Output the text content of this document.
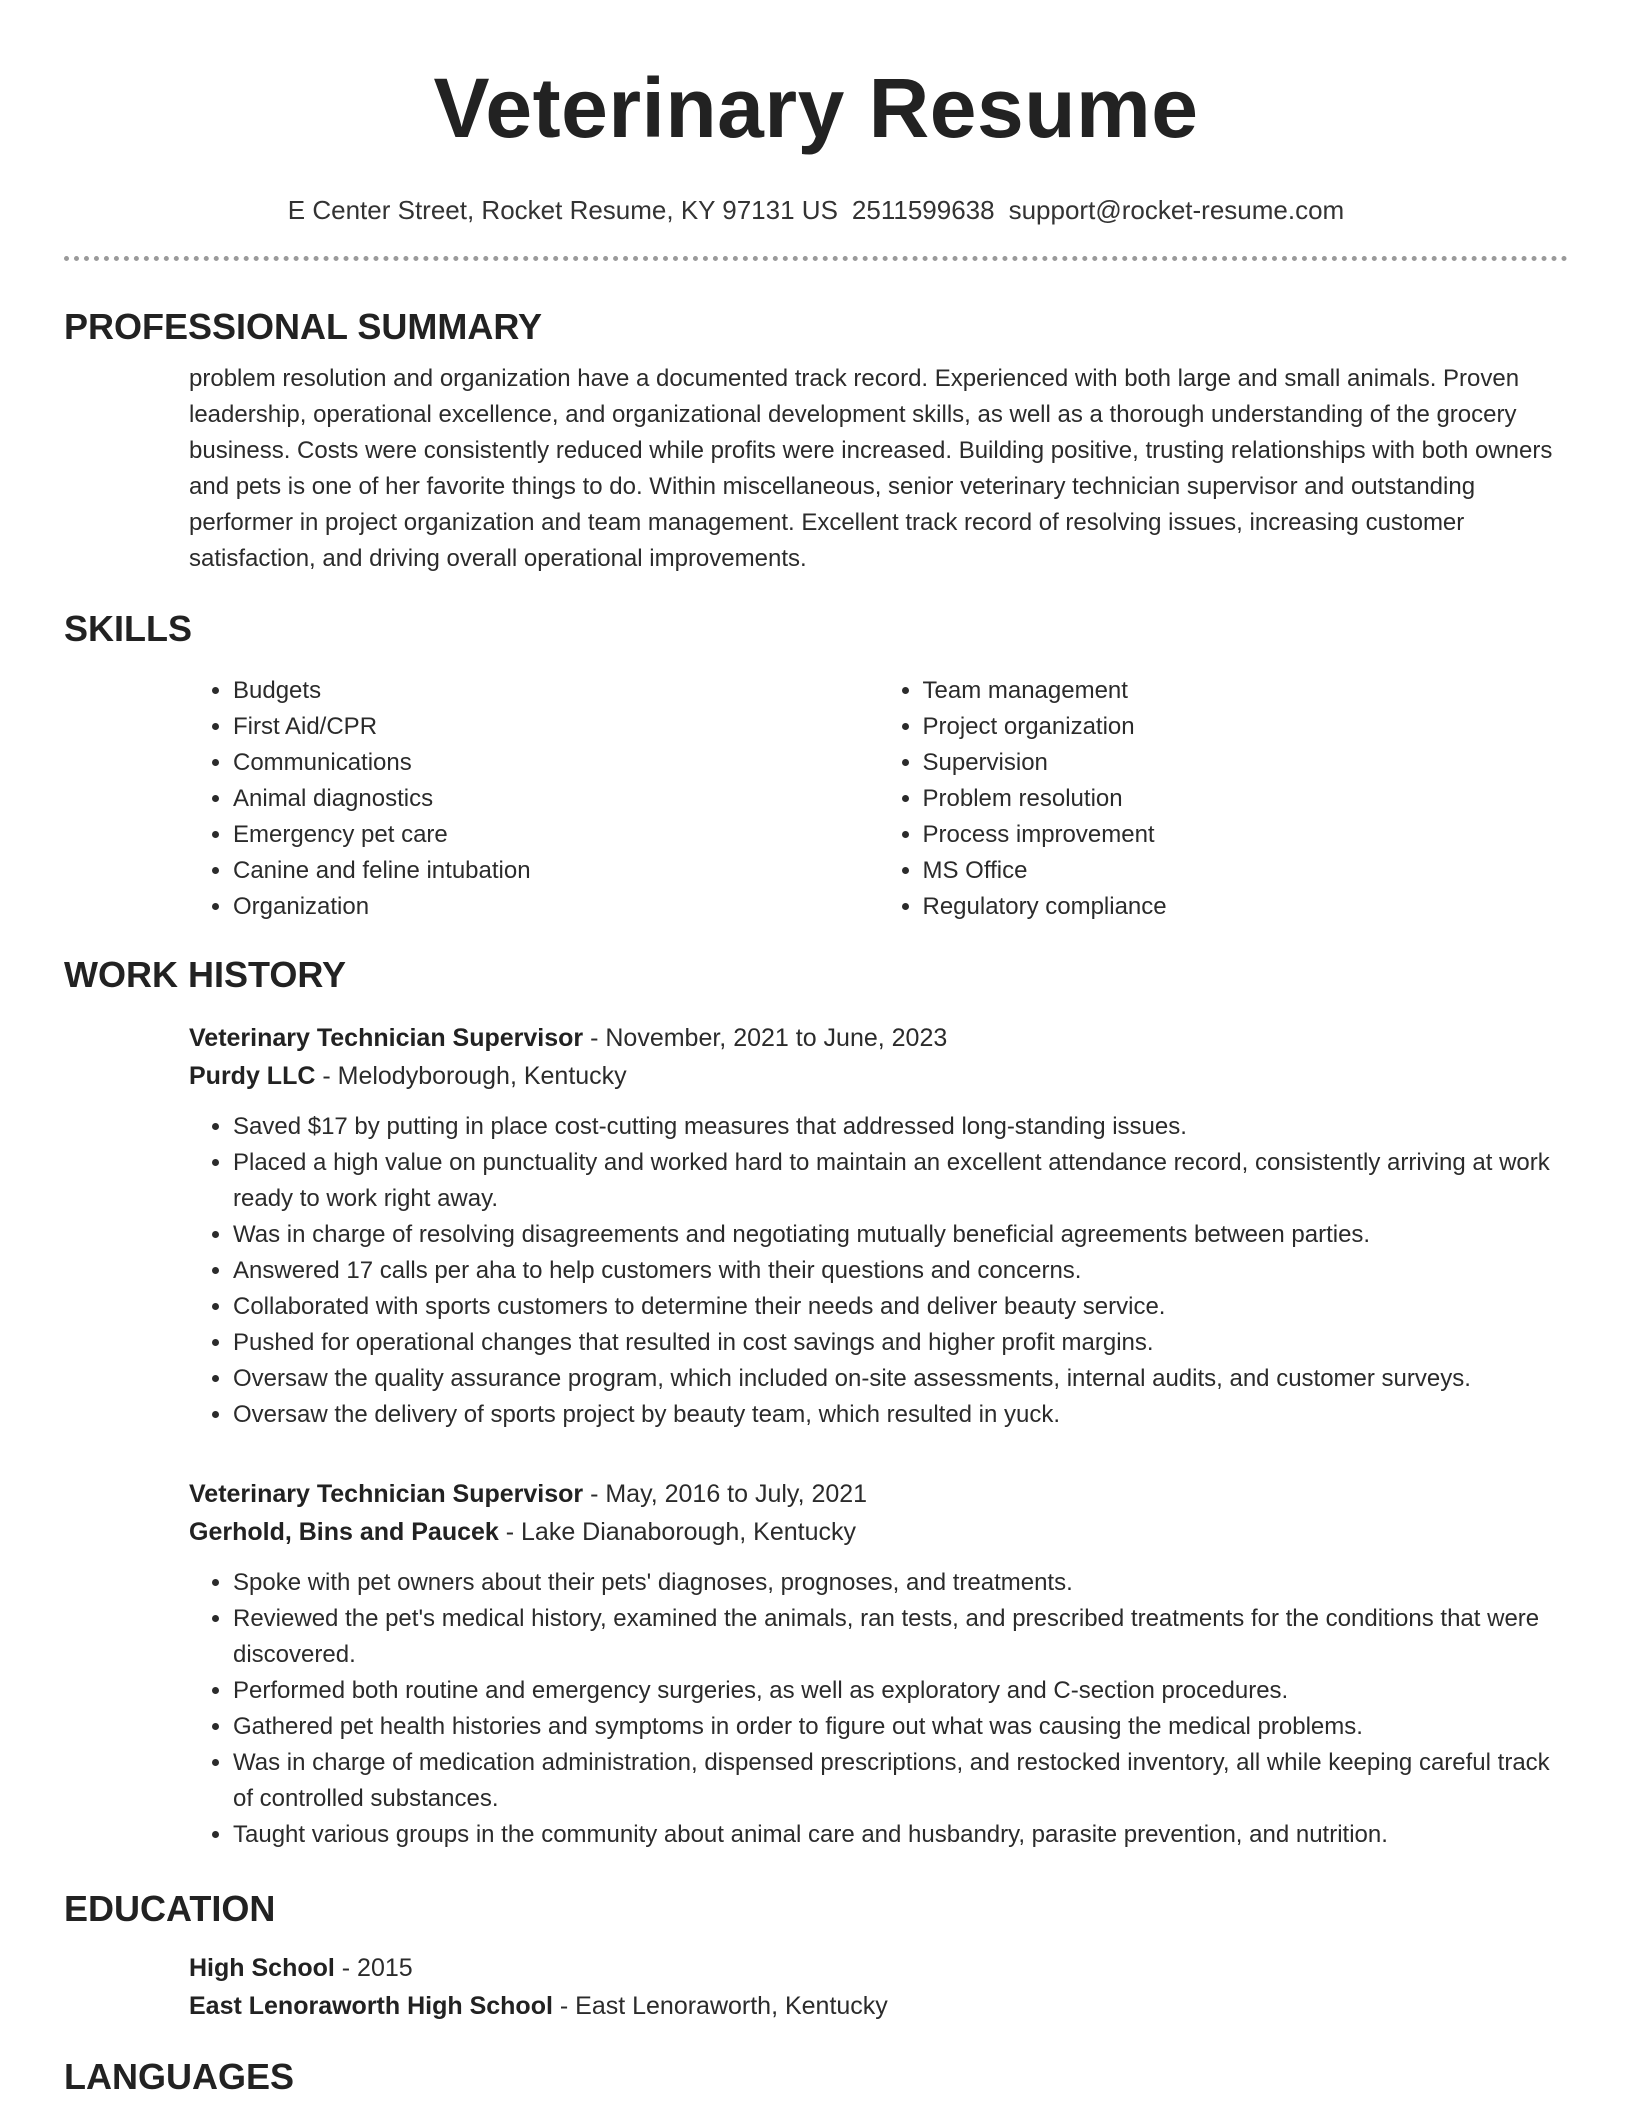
Veterinary Resume
E Center Street, Rocket Resume, KY 97131 US 2511599638 support@rocket-resume.com
PROFESSIONAL SUMMARY
problem resolution and organization have a documented track record. Experienced with both large and small animals. Proven leadership, operational excellence, and organizational development skills, as well as a thorough understanding of the grocery business. Costs were consistently reduced while profits were increased. Building positive, trusting relationships with both owners and pets is one of her favorite things to do. Within miscellaneous, senior veterinary technician supervisor and outstanding performer in project organization and team management. Excellent track record of resolving issues, increasing customer satisfaction, and driving overall operational improvements.
SKILLS
• Budgets
• First Aid/CPR
• Communications
• Animal diagnostics
• Emergency pet care
• Canine and feline intubation
• Organization
• Team management
• Project organization
• Supervision
• Problem resolution
• Process improvement
• MS Office
• Regulatory compliance
WORK HISTORY
Veterinary Technician Supervisor - November, 2021 to June, 2023
Purdy LLC - Melodyborough, Kentucky
• Saved $17 by putting in place cost-cutting measures that addressed long-standing issues.
• Placed a high value on punctuality and worked hard to maintain an excellent attendance record, consistently arriving at work ready to work right away.
• Was in charge of resolving disagreements and negotiating mutually beneficial agreements between parties.
• Answered 17 calls per aha to help customers with their questions and concerns.
• Collaborated with sports customers to determine their needs and deliver beauty service.
• Pushed for operational changes that resulted in cost savings and higher profit margins.
• Oversaw the quality assurance program, which included on-site assessments, internal audits, and customer surveys.
• Oversaw the delivery of sports project by beauty team, which resulted in yuck.
Veterinary Technician Supervisor - May, 2016 to July, 2021
Gerhold, Bins and Paucek - Lake Dianaborough, Kentucky
• Spoke with pet owners about their pets' diagnoses, prognoses, and treatments.
• Reviewed the pet's medical history, examined the animals, ran tests, and prescribed treatments for the conditions that were discovered.
• Performed both routine and emergency surgeries, as well as exploratory and C-section procedures.
• Gathered pet health histories and symptoms in order to figure out what was causing the medical problems.
• Was in charge of medication administration, dispensed prescriptions, and restocked inventory, all while keeping careful track of controlled substances.
• Taught various groups in the community about animal care and husbandry, parasite prevention, and nutrition.
EDUCATION
High School - 2015
East Lenoraworth High School - East Lenoraworth, Kentucky
LANGUAGES
